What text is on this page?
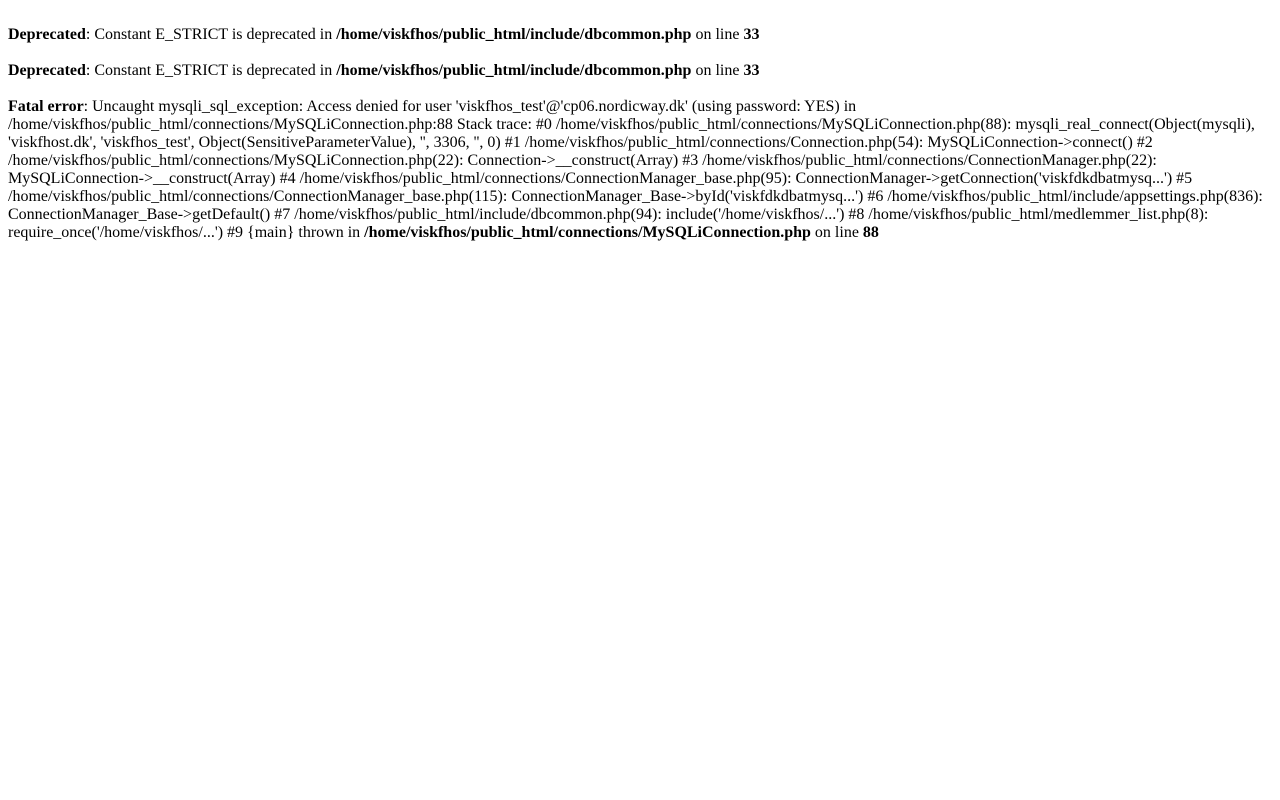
Deprecated: Constant E_STRICT is deprecated in /home/viskfhos/public_html/include/dbcommon.php on line 33
Deprecated: Constant E_STRICT is deprecated in /home/viskfhos/public_html/include/dbcommon.php on line 33
Fatal error: Uncaught mysqli_sql_exception: Access denied for user 'viskfhos_test'@'cp06.nordicway.dk' (using password: YES) in /home/viskfhos/public_html/connections/MySQLiConnection.php:88 Stack trace: #0 /home/viskfhos/public_html/connections/MySQLiConnection.php(88): mysqli_real_connect(Object(mysqli), 'viskfhost.dk', 'viskfhos_test', Object(SensitiveParameterValue), '', 3306, '', 0) #1 /home/viskfhos/public_html/connections/Connection.php(54): MySQLiConnection->connect() #2 /home/viskfhos/public_html/connections/MySQLiConnection.php(22): Connection->__construct(Array) #3 /home/viskfhos/public_html/connections/ConnectionManager.php(22): MySQLiConnection->__construct(Array) #4 /home/viskfhos/public_html/connections/ConnectionManager_base.php(95): ConnectionManager->getConnection('viskfdkdbatmysq...') #5 /home/viskfhos/public_html/connections/ConnectionManager_base.php(115): ConnectionManager_Base->byId('viskfdkdbatmysq...') #6 /home/viskfhos/public_html/include/appsettings.php(836): ConnectionManager_Base->getDefault() #7 /home/viskfhos/public_html/include/dbcommon.php(94): include('/home/viskfhos/...') #8 /home/viskfhos/public_html/medlemmer_list.php(8): require_once('/home/viskfhos/...') #9 {main} thrown in /home/viskfhos/public_html/connections/MySQLiConnection.php on line 88
